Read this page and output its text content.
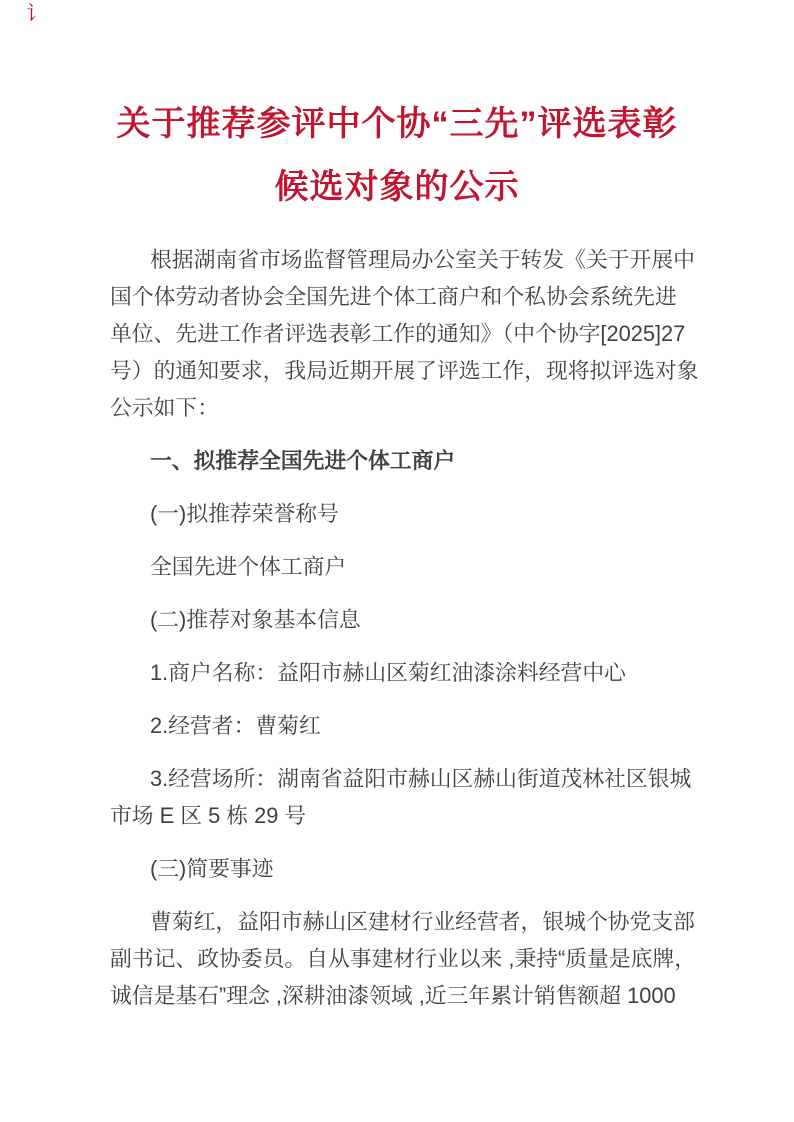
讠
关于推荐参评中个协“三先”评选表彰
候选对象的公示
根据湖南省市场监督管理局办公室关于转发《关于开展中
国个体劳动者协会全国先进个体工商户和个私协会系统先进
单位、先进工作者评选表彰工作的通知》（中个协字[2025]27
号）的通知要求，我局近期开展了评选工作，现将拟评选对象
公示如下：
一、拟推荐全国先进个体工商户
(一)拟推荐荣誉称号
全国先进个体工商户
(二)推荐对象基本信息
1.商户名称：益阳市赫山区菊红油漆涂料经营中心
2.经营者：曹菊红
3.经营场所：湖南省益阳市赫山区赫山街道茂林社区银城
市场 E 区 5 栋 29 号
(三)简要事迹
曹菊红，益阳市赫山区建材行业经营者，银城个协党支部
副书记、政协委员。自从事建材行业以来 ,秉持“质量是底牌，
诚信是基石”理念 ,深耕油漆领域 ,近三年累计销售额超 1000
